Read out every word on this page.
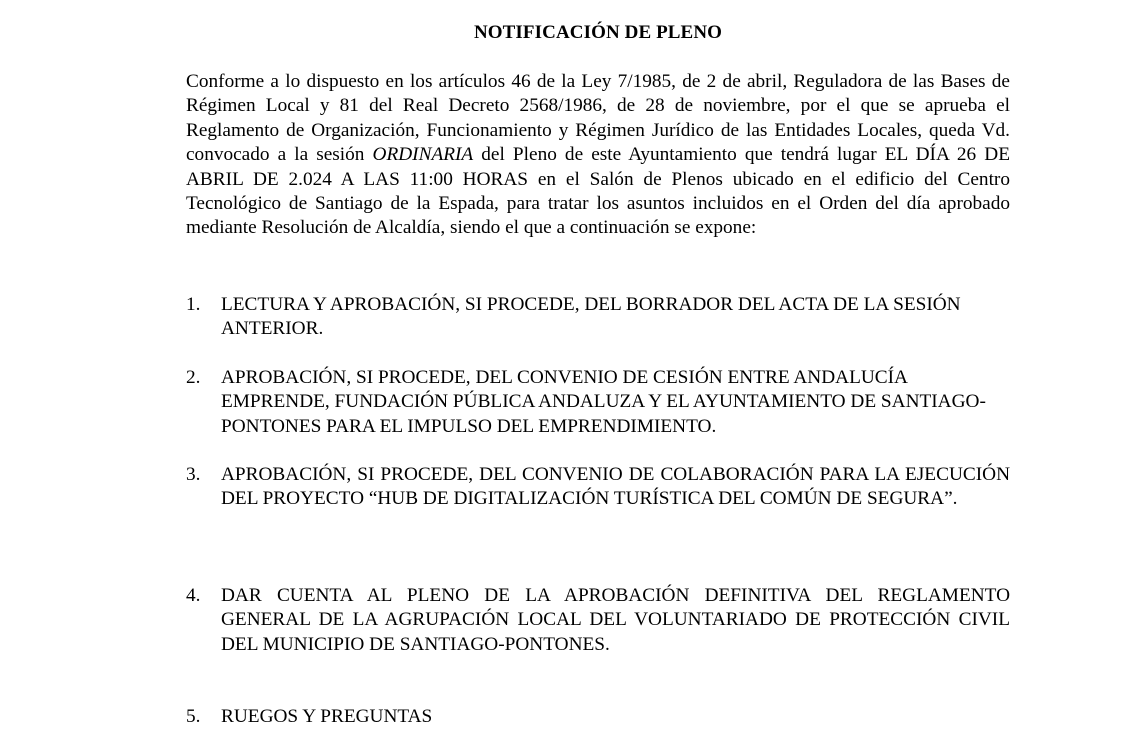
NOTIFICACIÓN DE PLENO

Conforme a lo dispuesto en los artículos 46 de la Ley 7/1985, de 2 de abril, Reguladora de las Bases de Régimen Local y 81 del Real Decreto 2568/1986, de 28 de noviembre, por el que se aprueba el Reglamento de Organización, Funcionamiento y Régimen Jurídico de las Entidades Locales, queda Vd. convocado a la sesión ORDINARIA del Pleno de este Ayuntamiento que tendrá lugar EL DÍA 26 DE ABRIL DE 2.024 A LAS 11:00 HORAS en el Salón de Plenos ubicado en el edificio del Centro Tecnológico de Santiago de la Espada, para tratar los asuntos incluidos en el Orden del día aprobado mediante Resolución de Alcaldía, siendo el que a continuación se expone:

1. LECTURA Y APROBACIÓN, SI PROCEDE, DEL BORRADOR DEL ACTA DE LA SESIÓN ANTERIOR.
2. APROBACIÓN, SI PROCEDE, DEL CONVENIO DE CESIÓN ENTRE ANDALUCÍA EMPRENDE, FUNDACIÓN PÚBLICA ANDALUZA Y EL AYUNTAMIENTO DE SANTIAGO-PONTONES PARA EL IMPULSO DEL EMPRENDIMIENTO.
3. APROBACIÓN, SI PROCEDE, DEL CONVENIO DE COLABORACIÓN PARA LA EJECUCIÓN DEL PROYECTO “HUB DE DIGITALIZACIÓN TURÍSTICA DEL COMÚN DE SEGURA”.
4. DAR CUENTA AL PLENO DE LA APROBACIÓN DEFINITIVA DEL REGLAMENTO GENERAL DE LA AGRUPACIÓN LOCAL DEL VOLUNTARIADO DE PROTECCIÓN CIVIL DEL MUNICIPIO DE SANTIAGO-PONTONES.
5. RUEGOS Y PREGUNTAS
